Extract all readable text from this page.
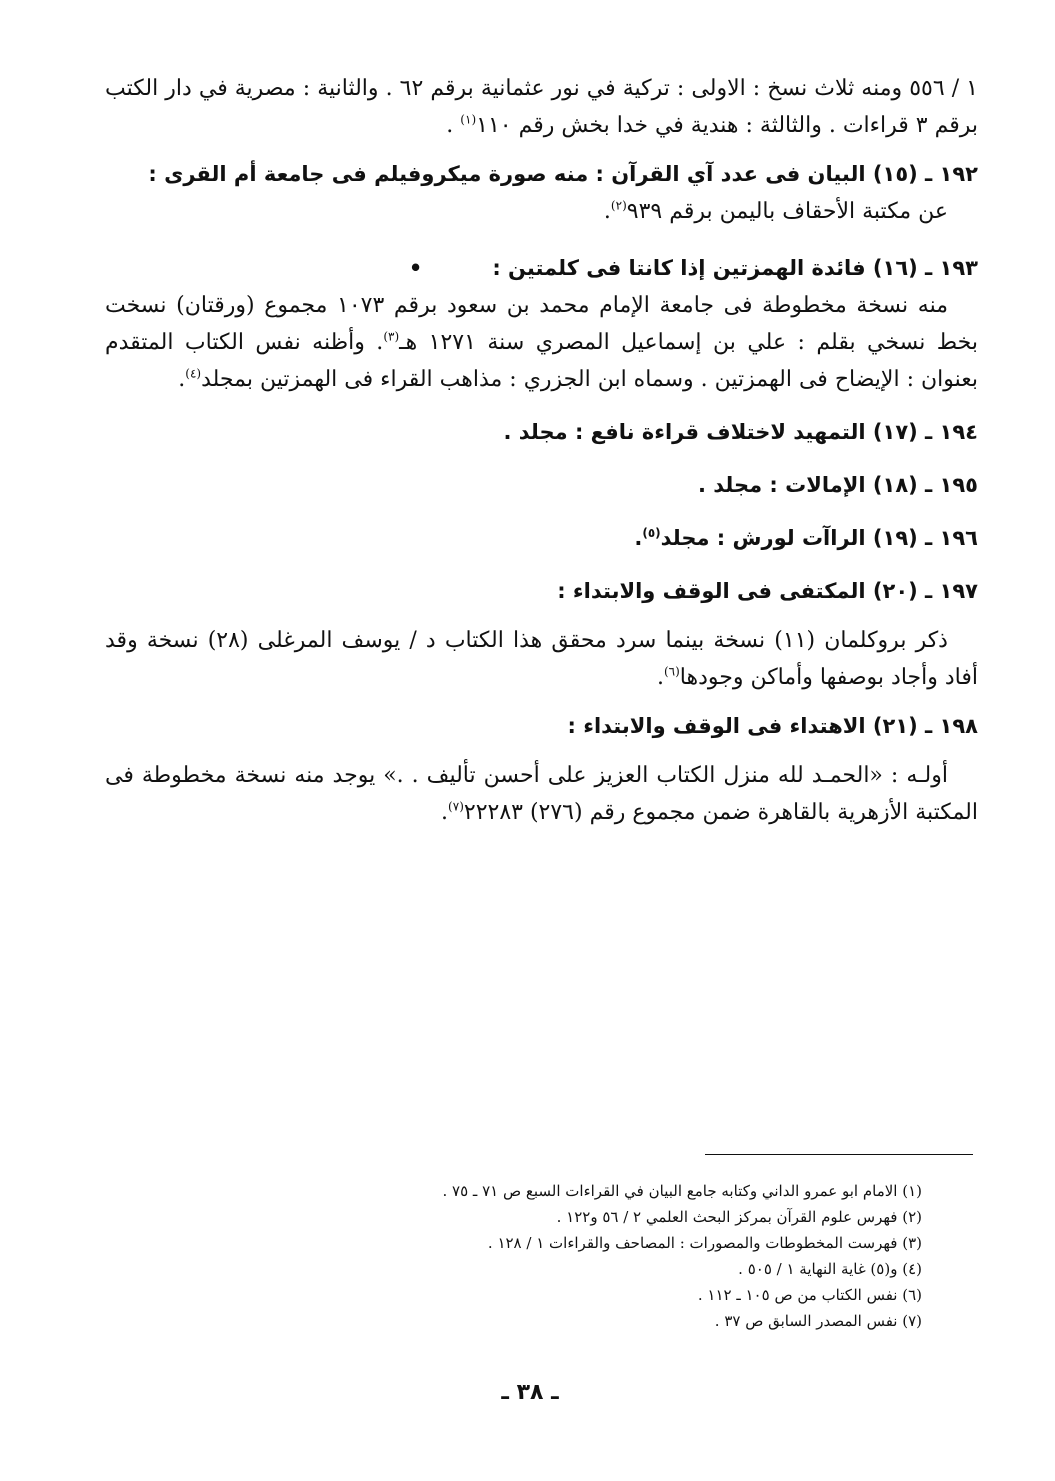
١ / ٥٥٦ ومنه ثلاث نسخ : الاولى : تركية في نور عثمانية برقم ٦٢ . والثانية : مصرية في دار الكتب برقم ٣ قراءات . والثالثة : هندية في خدا بخش رقم ١١٠$^{(١)}$ .

١٩٢ ـ (١٥) البيان فى عدد آي القرآن : منه صورة ميكروفيلم فى جامعة أم القرى :

عن مكتبة الأحقاف باليمن برقم ٩٣٩$^{(٢)}$.

١٩٣ ـ (١٦) فائدة الهمزتين إذا كانتا فى كلمتين :•

منه نسخة مخطوطة فى جامعة الإمام محمد بن سعود برقم ١٠٧٣ مجموع (ورقتان) نسخت بخط نسخي بقلم : علي بن إسماعيل المصري سنة ١٢٧١ هـ$^{(٣)}$. وأظنه نفس الكتاب المتقدم بعنوان : الإيضاح فى الهمزتين . وسماه ابن الجزري : مذاهب القراء فى الهمزتين بمجلد$^{(٤)}$.

١٩٤ ـ (١٧) التمهيد لاختلاف قراءة نافع : مجلد .

١٩٥ ـ (١٨) الإمالات : مجلد .

١٩٦ ـ (١٩) الراآت لورش : مجلد$^{(٥)}$.

١٩٧ ـ (٢٠) المكتفى فى الوقف والابتداء :

ذكر بروكلمان (١١) نسخة بينما سرد محقق هذا الكتاب د / يوسف المرغلى (٢٨) نسخة وقد أفاد وأجاد بوصفها وأماكن وجودها$^{(٦)}$.

١٩٨ ـ (٢١) الاهتداء فى الوقف والابتداء :

أولـه : «الحمـد لله منزل الكتاب العزيز على أحسن تأليف . .» يوجد منه نسخة مخطوطة فى المكتبة الأزهرية بالقاهرة ضمن مجموع رقم (٢٧٦) ٢٢٢٨٣$^{(٧)}$.

(١) الامام ابو عمرو الداني وكتابه جامع البيان في القراءات السبع ص ٧١ ـ ٧٥ .
(٢) فهرس علوم القرآن بمركز البحث العلمي ٢ / ٥٦ و١٢٢ .
(٣) فهرست المخطوطات والمصورات : المصاحف والقراءات ١ / ١٢٨ .
(٤) و(٥) غاية النهاية ١ / ٥٠٥ .
(٦) نفس الكتاب من ص ١٠٥ ـ ١١٢ .
(٧) نفس المصدر السابق ص ٣٧ .
ـ ٣٨ ـ
